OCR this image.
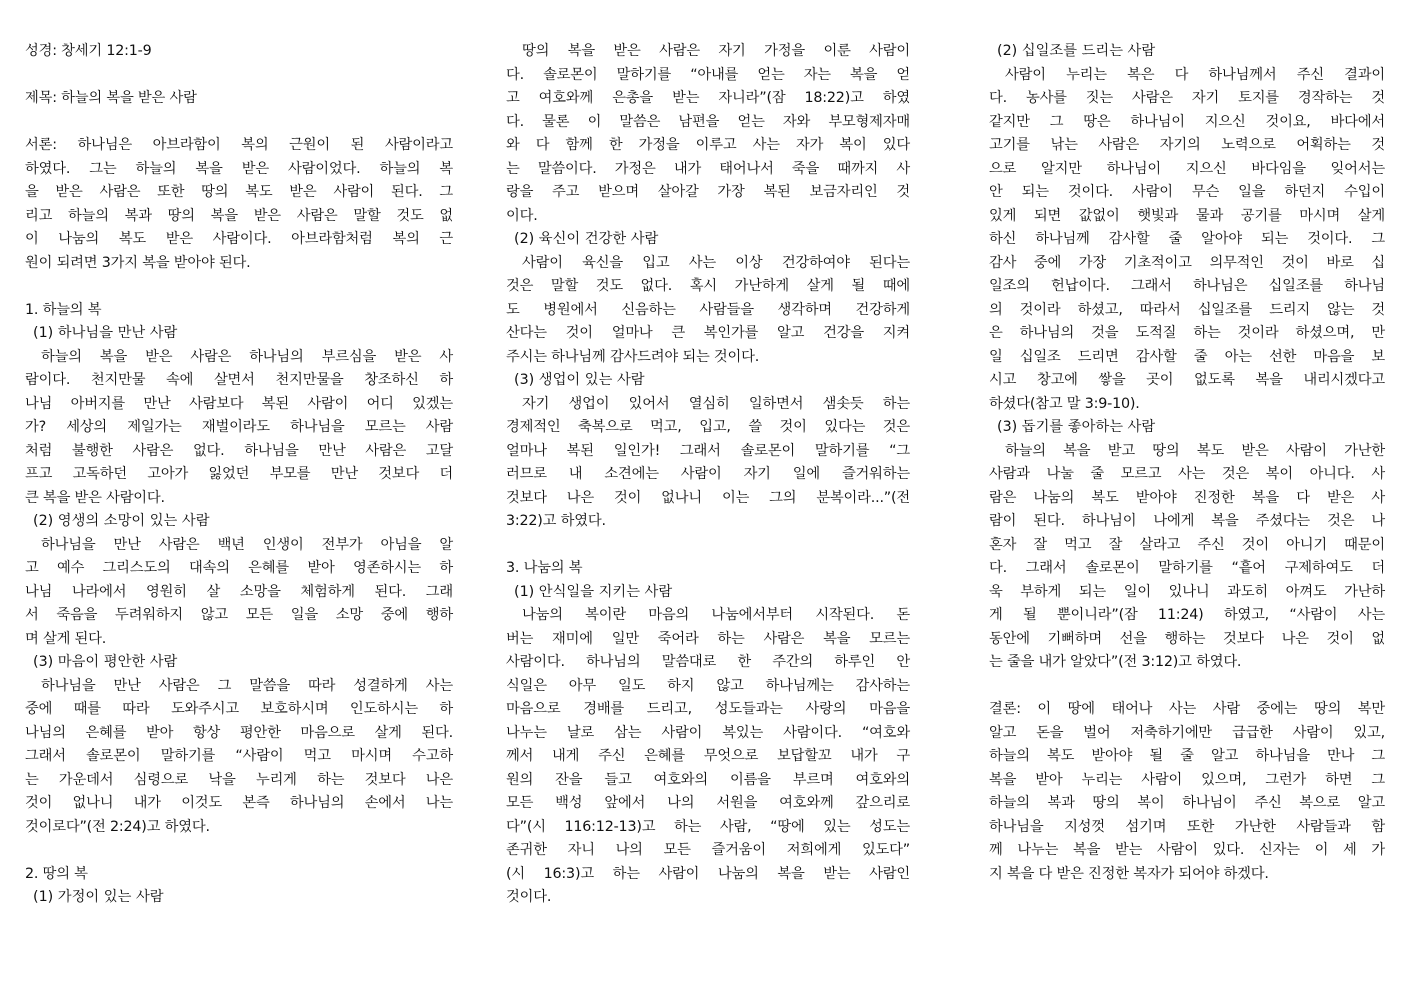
성경: 창세기 12:1-9
제목: 하늘의 복을 받은 사람
서론: 하나님은 아브라함이 복의 근원이 된 사람이라고
하였다. 그는 하늘의 복을 받은 사람이었다. 하늘의 복
을 받은 사람은 또한 땅의 복도 받은 사람이 된다. 그
리고 하늘의 복과 땅의 복을 받은 사람은 말할 것도 없
이 나눔의 복도 받은 사람이다. 아브라함처럼 복의 근
원이 되려면 3가지 복을 받아야 된다.
1. 하늘의 복
(1) 하나님을 만난 사람
하늘의 복을 받은 사람은 하나님의 부르심을 받은 사
람이다. 천지만물 속에 살면서 천지만물을 창조하신 하
나님 아버지를 만난 사람보다 복된 사람이 어디 있겠는
가? 세상의 제일가는 재벌이라도 하나님을 모르는 사람
처럼 불행한 사람은 없다. 하나님을 만난 사람은 고달
프고 고독하던 고아가 잃었던 부모를 만난 것보다 더
큰 복을 받은 사람이다.
(2) 영생의 소망이 있는 사람
하나님을 만난 사람은 백년 인생이 전부가 아님을 알
고 예수 그리스도의 대속의 은혜를 받아 영존하시는 하
나님 나라에서 영원히 살 소망을 체험하게 된다. 그래
서 죽음을 두려워하지 않고 모든 일을 소망 중에 행하
며 살게 된다.
(3) 마음이 평안한 사람
하나님을 만난 사람은 그 말씀을 따라 성결하게 사는
중에 때를 따라 도와주시고 보호하시며 인도하시는 하
나님의 은혜를 받아 항상 평안한 마음으로 살게 된다.
그래서 솔로몬이 말하기를 “사람이 먹고 마시며 수고하
는 가운데서 심령으로 낙을 누리게 하는 것보다 나은
것이 없나니 내가 이것도 본즉 하나님의 손에서 나는
것이로다”(전 2:24)고 하였다.
2. 땅의 복
(1) 가정이 있는 사람
땅의 복을 받은 사람은 자기 가정을 이룬 사람이
다. 솔로몬이 말하기를 “아내를 얻는 자는 복을 얻
고 여호와께 은총을 받는 자니라”(잠 18:22)고 하였
다. 물론 이 말씀은 남편을 얻는 자와 부모형제자매
와 다 함께 한 가정을 이루고 사는 자가 복이 있다
는 말씀이다. 가정은 내가 태어나서 죽을 때까지 사
랑을 주고 받으며 살아갈 가장 복된 보금자리인 것
이다.
(2) 육신이 건강한 사람
사람이 육신을 입고 사는 이상 건강하여야 된다는
것은 말할 것도 없다. 혹시 가난하게 살게 될 때에
도 병원에서 신음하는 사람들을 생각하며 건강하게
산다는 것이 얼마나 큰 복인가를 알고 건강을 지켜
주시는 하나님께 감사드려야 되는 것이다.
(3) 생업이 있는 사람
자기 생업이 있어서 열심히 일하면서 샘솟듯 하는
경제적인 축복으로 먹고, 입고, 쓸 것이 있다는 것은
얼마나 복된 일인가! 그래서 솔로몬이 말하기를 “그
러므로 내 소견에는 사람이 자기 일에 즐거워하는
것보다 나은 것이 없나니 이는 그의 분복이라...”(전
3:22)고 하였다.
3. 나눔의 복
(1) 안식일을 지키는 사람
나눔의 복이란 마음의 나눔에서부터 시작된다. 돈
버는 재미에 일만 죽어라 하는 사람은 복을 모르는
사람이다. 하나님의 말씀대로 한 주간의 하루인 안
식일은 아무 일도 하지 않고 하나님께는 감사하는
마음으로 경배를 드리고, 성도들과는 사랑의 마음을
나누는 날로 삼는 사람이 복있는 사람이다. “여호와
께서 내게 주신 은혜를 무엇으로 보답할꼬 내가 구
원의 잔을 들고 여호와의 이름을 부르며 여호와의
모든 백성 앞에서 나의 서원을 여호와께 갚으리로
다”(시 116:12-13)고 하는 사람, “땅에 있는 성도는
존귀한 자니 나의 모든 즐거움이 저희에게 있도다”
(시 16:3)고 하는 사람이 나눔의 복을 받는 사람인
것이다.
(2) 십일조를 드리는 사람
사람이 누리는 복은 다 하나님께서 주신 결과이
다. 농사를 짓는 사람은 자기 토지를 경작하는 것
같지만 그 땅은 하나님이 지으신 것이요, 바다에서
고기를 낚는 사람은 자기의 노력으로 어획하는 것
으로 알지만 하나님이 지으신 바다임을 잊어서는
안 되는 것이다. 사람이 무슨 일을 하던지 수입이
있게 되면 값없이 햇빛과 물과 공기를 마시며 살게
하신 하나님께 감사할 줄 알아야 되는 것이다. 그
감사 중에 가장 기초적이고 의무적인 것이 바로 십
일조의 헌납이다. 그래서 하나님은 십일조를 하나님
의 것이라 하셨고, 따라서 십일조를 드리지 않는 것
은 하나님의 것을 도적질 하는 것이라 하셨으며, 만
일 십일조 드리면 감사할 줄 아는 선한 마음을 보
시고 창고에 쌓을 곳이 없도록 복을 내리시겠다고
하셨다(참고 말 3:9-10).
(3) 돕기를 좋아하는 사람
하늘의 복을 받고 땅의 복도 받은 사람이 가난한
사람과 나눌 줄 모르고 사는 것은 복이 아니다. 사
람은 나눔의 복도 받아야 진정한 복을 다 받은 사
람이 된다. 하나님이 나에게 복을 주셨다는 것은 나
혼자 잘 먹고 잘 살라고 주신 것이 아니기 때문이
다. 그래서 솔로몬이 말하기를 “흩어 구제하여도 더
욱 부하게 되는 일이 있나니 과도히 아껴도 가난하
게 될 뿐이니라”(잠 11:24) 하였고, “사람이 사는
동안에 기뻐하며 선을 행하는 것보다 나은 것이 없
는 줄을 내가 알았다”(전 3:12)고 하였다.
결론: 이 땅에 태어나 사는 사람 중에는 땅의 복만
알고 돈을 벌어 저축하기에만 급급한 사람이 있고,
하늘의 복도 받아야 될 줄 알고 하나님을 만나 그
복을 받아 누리는 사람이 있으며, 그런가 하면 그
하늘의 복과 땅의 복이 하나님이 주신 복으로 알고
하나님을 지성껏 섬기며 또한 가난한 사람들과 함
께 나누는 복을 받는 사람이 있다. 신자는 이 세 가
지 복을 다 받은 진정한 복자가 되어야 하겠다.
